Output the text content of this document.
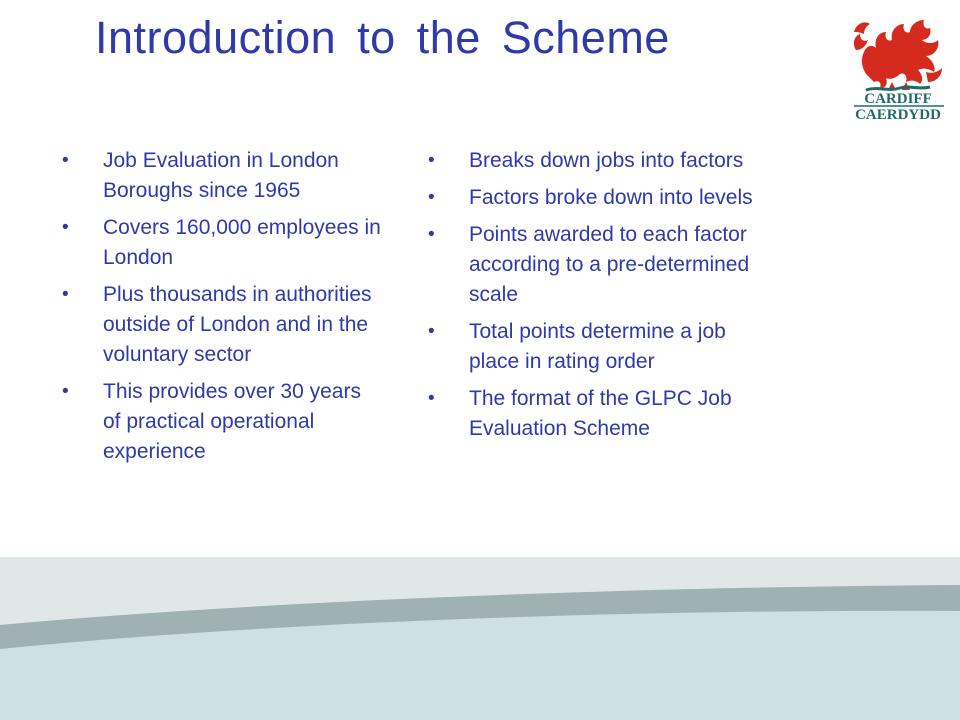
Introduction to the Scheme
CARDIFF
CAERDYDD
•	Job Evaluation in London Boroughs since 1965
•	Covers 160,000 employees in London
•	Plus thousands in authorities outside of London and in the voluntary sector
•	This provides over 30 years of practical operational experience
•	Breaks down jobs into factors
•	Factors broke down into levels
•	Points awarded to each factor according to a pre-determined scale
•	Total points determine a job place in rating order
•	The format of the GLPC Job Evaluation Scheme
